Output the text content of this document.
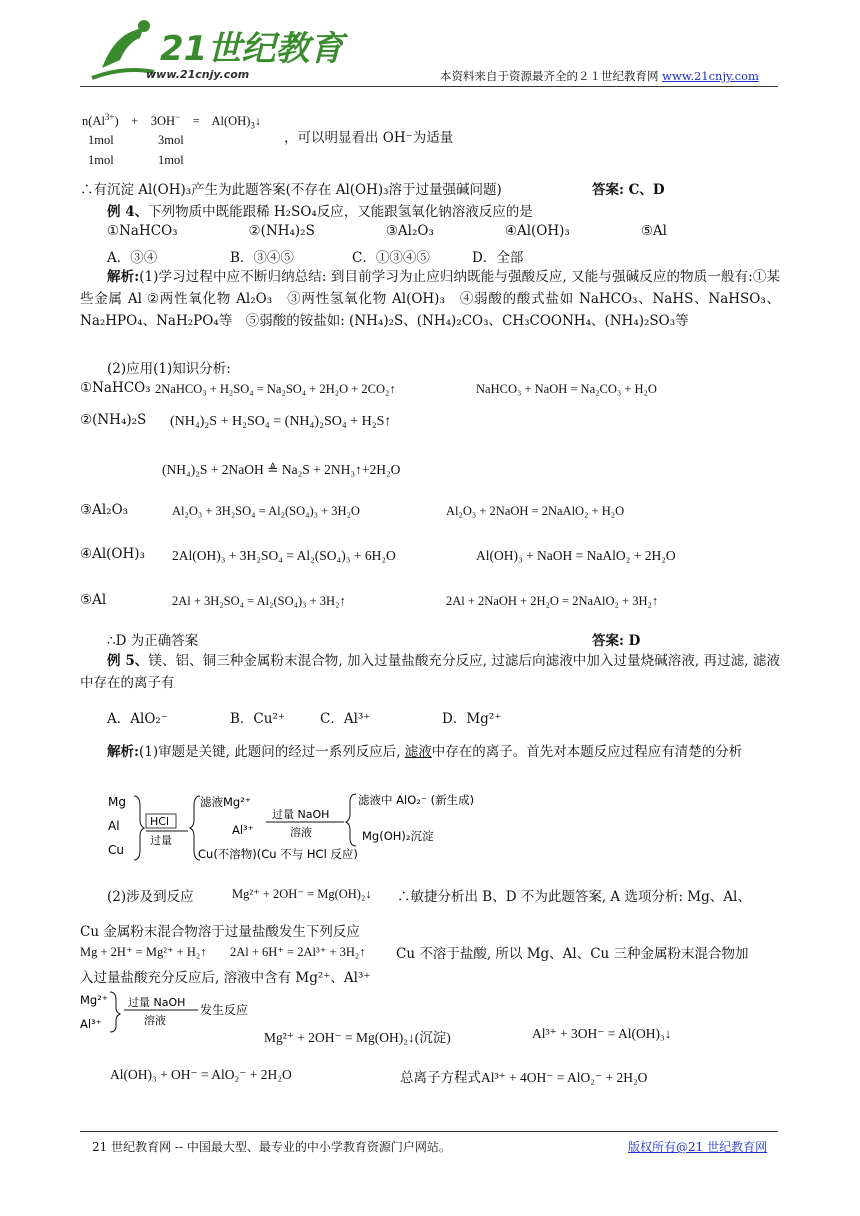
21世纪教育
www.21cnjy.com	本资料来自于资源最齐全的２１世纪教育网 www.21cnjy.com
$n(Al^{3+})$    + $3OH^- = Al(OH)_3↓$
，可以明显看出 OH⁻为适量
1mol	3mol
1mol	1mol
∴有沉淀 Al(OH)₃产生为此题答案(不存在 Al(OH)₃溶于过量强碱问题)	答案: C、D
例 4、下列物质中既能跟稀 H₂SO₄反应，又能跟氢氧化钠溶液反应的是
①NaHCO₃	②(NH₄)₂S	③Al₂O₃	④Al(OH)₃	⑤Al
A．③④	B．③④⑤	C．①③④⑤	D．全部
解析:(1)学习过程中应不断归纳总结: 到目前学习为止应归纳既能与强酸反应, 又能与强碱反应的物质一般有:①某些金属 Al ②两性氧化物 Al₂O₃　③两性氢氧化物 Al(OH)₃　④弱酸的酸式盐如 NaHCO₃、NaHS、NaHSO₃、Na₂HPO₄、NaH₂PO₄等　⑤弱酸的铵盐如: (NH₄)₂S、(NH₄)₂CO₃、CH₃COONH₄、(NH₄)₂SO₃等
(2)应用(1)知识分析:
①NaHCO₃ 2NaHCO₃ + H₂SO₄ = Na₂SO₄ + 2H₂O + 2CO₂↑	NaHCO₃ + NaOH = Na₂CO₃ + H₂O
②(NH₄)₂S (NH₄)₂S + H₂SO₄ = (NH₄)₂SO₄ + H₂S↑
(NH₄)₂S + 2NaOH ≜ Na₂S + 2NH₃↑+2H₂O
③Al₂O₃	Al₂O₃ + 3H₂SO₄ = Al₂(SO₄)₃ + 3H₂O	Al₂O₃ + 2NaOH = 2NaAlO₂ + H₂O
④Al(OH)₃ 2Al(OH)₃ + 3H₂SO₄ = Al₂(SO₄)₃ + 6H₂O	Al(OH)₃ + NaOH = NaAlO₂ + 2H₂O
⑤Al	2Al + 3H₂SO₄ = Al₂(SO₄)₃ + 3H₂↑	2Al + 2NaOH + 2H₂O = 2NaAlO₂ + 3H₂↑
∴D 为正确答案	答案: D
例 5、镁、铝、铜三种金属粉末混合物, 加入过量盐酸充分反应, 过滤后向滤液中加入过量烧碱溶液, 再过滤, 滤液中存在的离子有
A．AlO₂⁻	B．Cu²⁺	C．Al³⁺	D．Mg²⁺
解析:(1)审题是关键, 此题问的经过一系列反应后, 滤液中存在的离子。首先对本题反应过程应有清楚的分析
Mg
Al
Cu
HCl
过量
滤液Mg²⁺
Al³⁺
过量 NaOH
溶液
滤液中 AlO₂⁻ (新生成)
Mg(OH)₂沉淀
Cu(不溶物)(Cu 不与 HCl 反应)
(2)涉及到反应	Mg²⁺ + 2OH⁻ = Mg(OH)₂↓ ∴敏捷分析出 B、D 不为此题答案, A 选项分析: Mg、Al、
Cu 金属粉末混合物溶于过量盐酸发生下列反应
Mg + 2H⁺ = Mg²⁺ + H₂↑ 2Al + 6H⁺ = 2Al³⁺ + 3H₂↑ Cu 不溶于盐酸, 所以 Mg、Al、Cu 三种金属粉末混合物加
入过量盐酸充分反应后, 溶液中含有 Mg²⁺、Al³⁺
Mg²⁺
Al³⁺
过量 NaOH
溶液
发生反应
Mg²⁺ + 2OH⁻ = Mg(OH)₂↓(沉淀)	Al³⁺ + 3OH⁻ = Al(OH)₃↓
Al(OH)₃ + OH⁻ = AlO₂⁻ + 2H₂O	总离子方程式Al³⁺ + 4OH⁻ = AlO₂⁻ + 2H₂O
21 世纪教育网 -- 中国最大型、最专业的中小学教育资源门户网站。	版权所有@21 世纪教育网
